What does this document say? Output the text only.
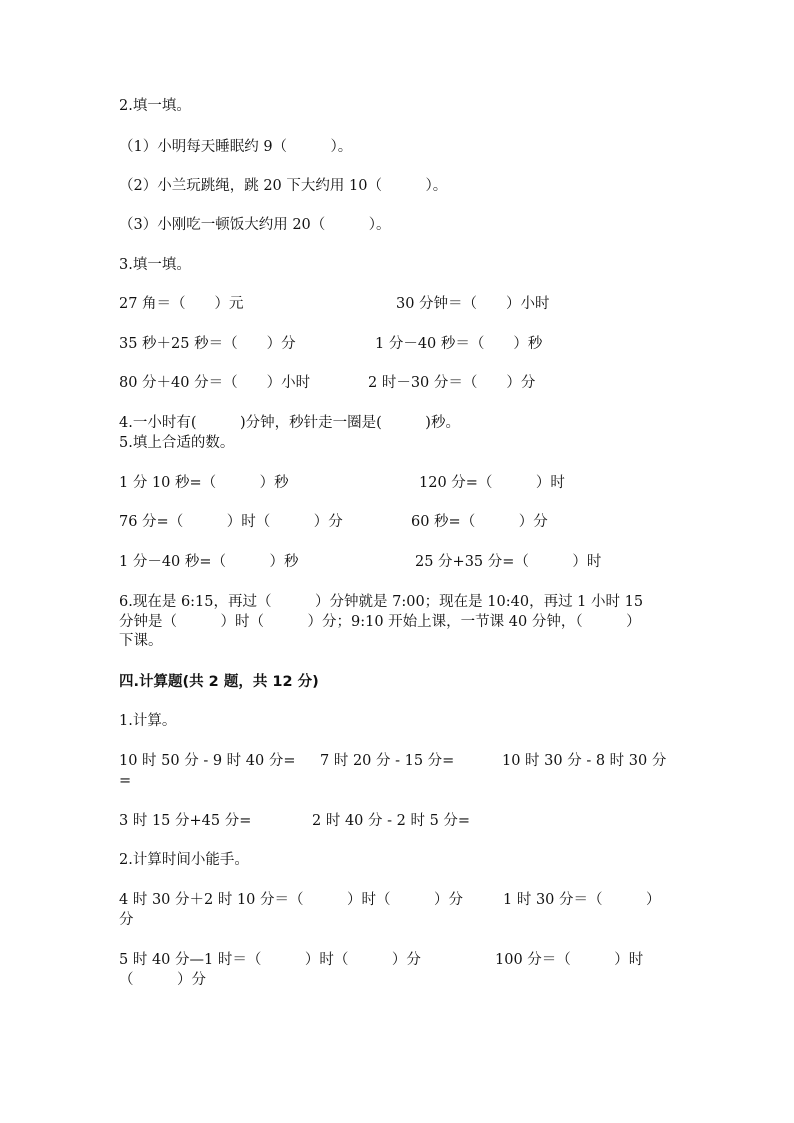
2.填一填。
（1）小明每天睡眠约 9（　　　）。
（2）小兰玩跳绳，跳 20 下大约用 10（　　　）。
（3）小刚吃一顿饭大约用 20（　　　）。
3.填一填。
27 角＝（　　）元	30 分钟＝（　　）小时
35 秒＋25 秒＝（　　）分	1 分－40 秒＝（　　）秒
80 分＋40 分＝（　　）小时	2 时－30 分＝（　　）分
4.一小时有(　　　)分钟，秒针走一圈是(　　　)秒。
5.填上合适的数。
1 分 10 秒=（　　　）秒	120 分=（　　　）时
76 分=（　　　）时（　　　）分	60 秒=（　　　）分
1 分－40 秒=（　　　）秒	25 分+35 分=（　　　）时
6.现在是 6:15，再过（　　　）分钟就是 7:00；现在是 10:40，再过 1 小时 15
分钟是（　　　）时（　　　）分；9:10 开始上课，一节课 40 分钟，（　　　）
下课。
四.计算题(共 2 题，共 12 分)
1.计算。
10 时 50 分 - 9 时 40 分= 7 时 20 分 - 15 分=	10 时 30 分 - 8 时 30 分
=
3 时 15 分+45 分=	2 时 40 分 - 2 时 5 分=
2.计算时间小能手。
4 时 30 分＋2 时 10 分＝（　　　）时（　　　）分	1 时 30 分＝（　　　）
分
5 时 40 分—1 时＝（　　　）时（　　　）分	100 分＝（　　　）时
（　　　）分
